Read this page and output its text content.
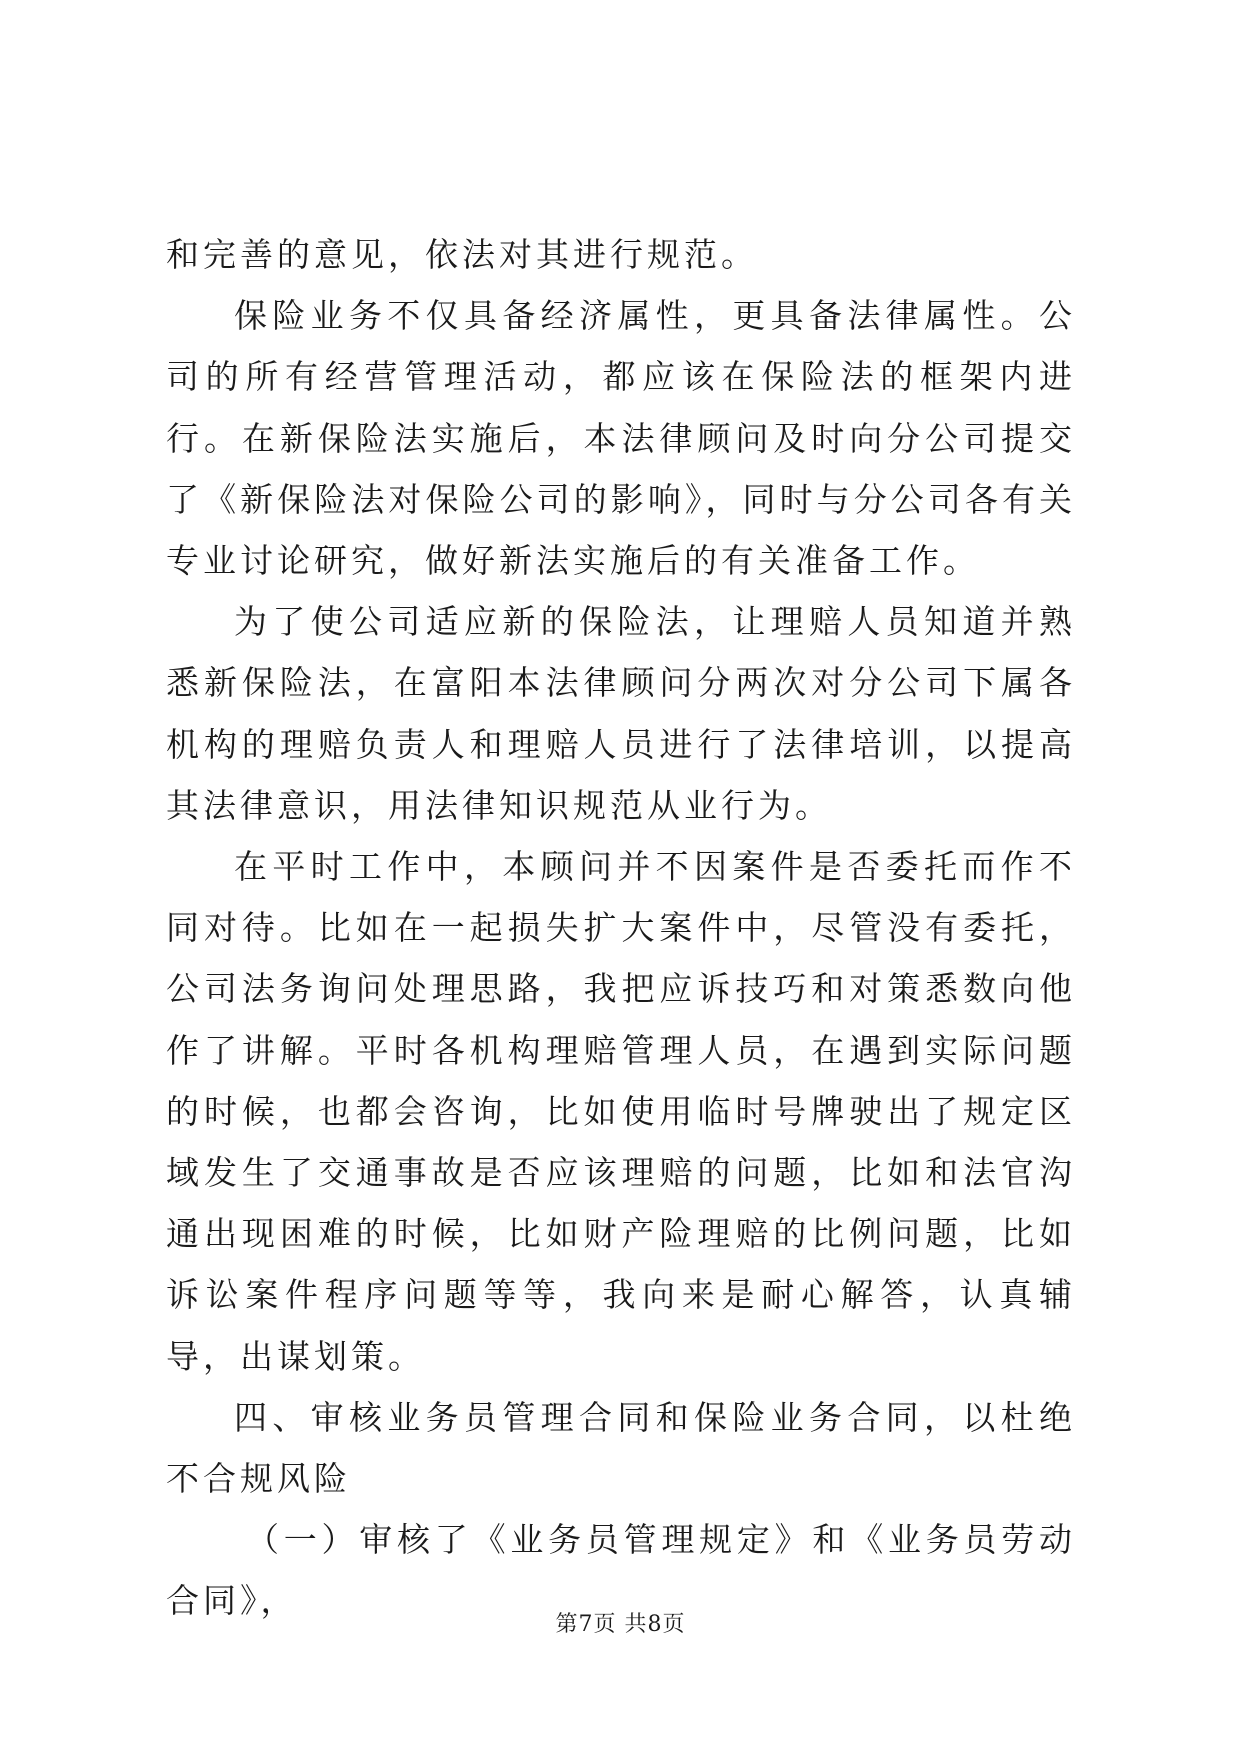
和完善的意见，依法对其进行规范。

保险业务不仅具备经济属性，更具备法律属性。公司的所有经营管理活动，都应该在保险法的框架内进行。在新保险法实施后，本法律顾问及时向分公司提交了《新保险法对保险公司的影响》，同时与分公司各有关专业讨论研究，做好新法实施后的有关准备工作。

为了使公司适应新的保险法，让理赔人员知道并熟悉新保险法，在富阳本法律顾问分两次对分公司下属各机构的理赔负责人和理赔人员进行了法律培训，以提高其法律意识，用法律知识规范从业行为。

在平时工作中，本顾问并不因案件是否委托而作不同对待。比如在一起损失扩大案件中，尽管没有委托，公司法务询问处理思路，我把应诉技巧和对策悉数向他作了讲解。平时各机构理赔管理人员，在遇到实际问题的时候，也都会咨询，比如使用临时号牌驶出了规定区域发生了交通事故是否应该理赔的问题，比如和法官沟通出现困难的时候，比如财产险理赔的比例问题，比如诉讼案件程序问题等等，我向来是耐心解答，认真辅导，出谋划策。

四、审核业务员管理合同和保险业务合同，以杜绝不合规风险

（一）审核了《业务员管理规定》和《业务员劳动合同》，

第7页 共8页
